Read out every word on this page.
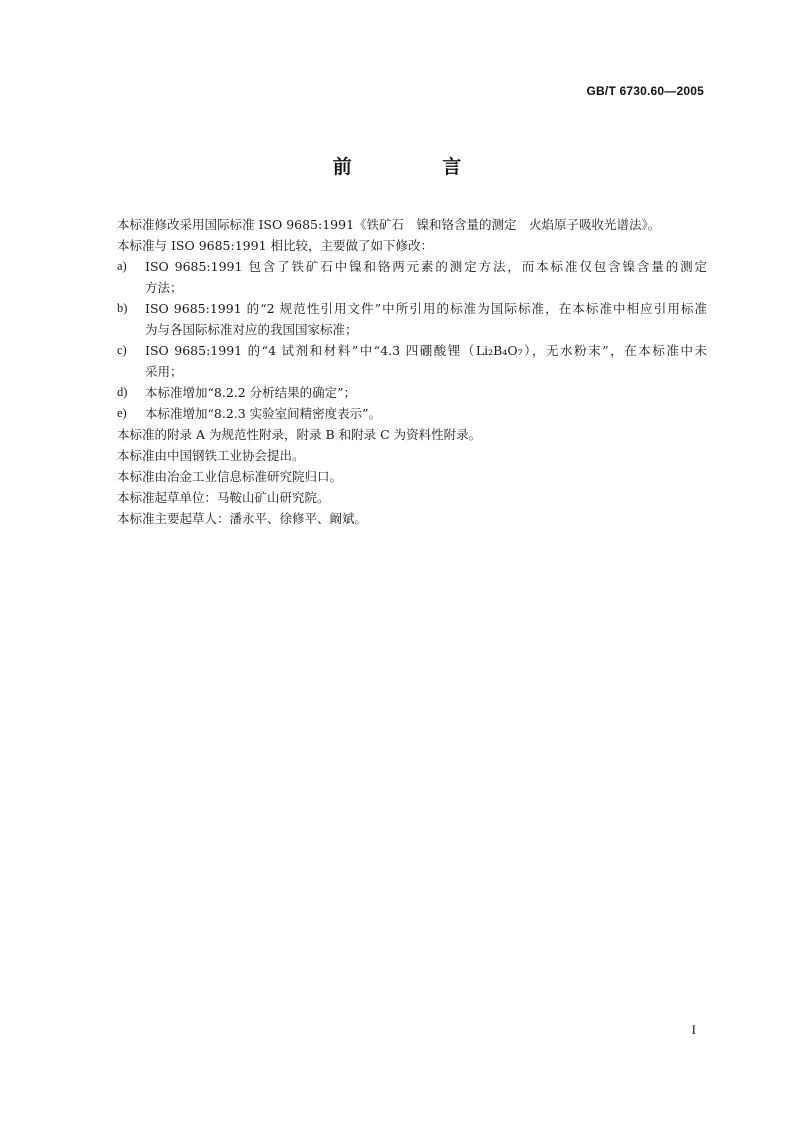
GB/T 6730.60—2005
前 言
本标准修改采用国际标准 ISO 9685:1991《铁矿石　镍和铬含量的测定　火焰原子吸收光谱法》。
本标准与 ISO 9685:1991 相比较，主要做了如下修改：
a)	ISO 9685:1991 包含了铁矿石中镍和铬两元素的测定方法，而本标准仅包含镍含量的测定
方法；
b)	ISO 9685:1991 的“2 规范性引用文件”中所引用的标准为国际标准，在本标准中相应引用标准
为与各国际标准对应的我国国家标准；
c)	ISO 9685:1991 的“4 试剂和材料”中“4.3 四硼酸锂（Li₂B₄O₇），无水粉末”，在本标准中未
采用；
d)	本标准增加“8.2.2 分析结果的确定”；
e)	本标准增加“8.2.3 实验室间精密度表示”。
本标准的附录 A 为规范性附录，附录 B 和附录 C 为资料性附录。
本标准由中国钢铁工业协会提出。
本标准由冶金工业信息标准研究院归口。
本标准起草单位：马鞍山矿山研究院。
本标准主要起草人：潘永平、徐修平、阚斌。
I
